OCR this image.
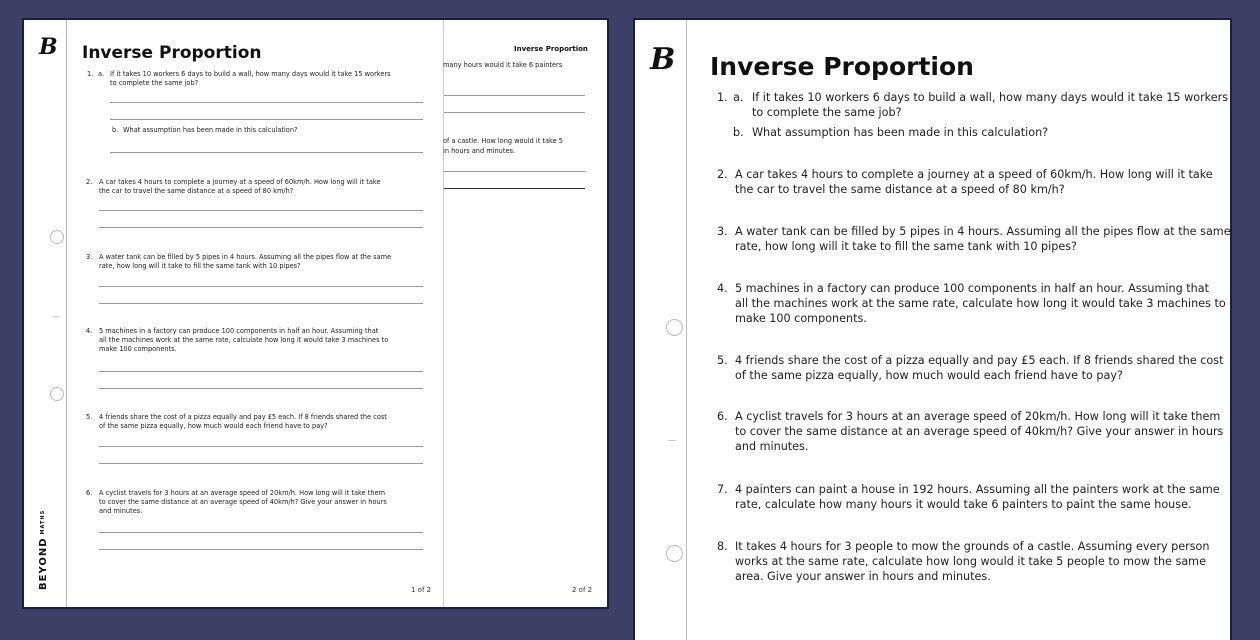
B Inverse Proportion
BEYONDMATHS
1. a. If it takes 10 workers 6 days to build a wall, how many days would it take 15 workers
to complete the same job?
b. What assumption has been made in this calculation?
2. A car takes 4 hours to complete a journey at a speed of 60km/h. How long will it take
the car to travel the same distance at a speed of 80 km/h?
3. A water tank can be filled by 5 pipes in 4 hours. Assuming all the pipes flow at the same
rate, how long will it take to fill the same tank with 10 pipes?
4. 5 machines in a factory can produce 100 components in half an hour. Assuming that
all the machines work at the same rate, calculate how long it would take 3 machines to
make 100 components.
5. 4 friends share the cost of a pizza equally and pay £5 each. If 8 friends shared the cost
of the same pizza equally, how much would each friend have to pay?
6. A cyclist travels for 3 hours at an average speed of 20km/h. How long will it take them
to cover the same distance at an average speed of 40km/h? Give your answer in hours
and minutes.
1 of 2
Inverse Proportion
many hours would it take 6 painters
of a castle. How long would it take 5
in hours and minutes.
2 of 2
B Inverse Proportion
1. a. If it takes 10 workers 6 days to build a wall, how many days would it take 15 workers
to complete the same job?
b. What assumption has been made in this calculation?
2. A car takes 4 hours to complete a journey at a speed of 60km/h. How long will it take
the car to travel the same distance at a speed of 80 km/h?
3. A water tank can be filled by 5 pipes in 4 hours. Assuming all the pipes flow at the same
rate, how long will it take to fill the same tank with 10 pipes?
4. 5 machines in a factory can produce 100 components in half an hour. Assuming that
all the machines work at the same rate, calculate how long it would take 3 machines to
make 100 components.
5. 4 friends share the cost of a pizza equally and pay £5 each. If 8 friends shared the cost
of the same pizza equally, how much would each friend have to pay?
6. A cyclist travels for 3 hours at an average speed of 20km/h. How long will it take them
to cover the same distance at an average speed of 40km/h? Give your answer in hours
and minutes.
7. 4 painters can paint a house in 192 hours. Assuming all the painters work at the same
rate, calculate how many hours it would take 6 painters to paint the same house.
8. It takes 4 hours for 3 people to mow the grounds of a castle. Assuming every person
works at the same rate, calculate how long would it take 5 people to mow the same
area. Give your answer in hours and minutes.
